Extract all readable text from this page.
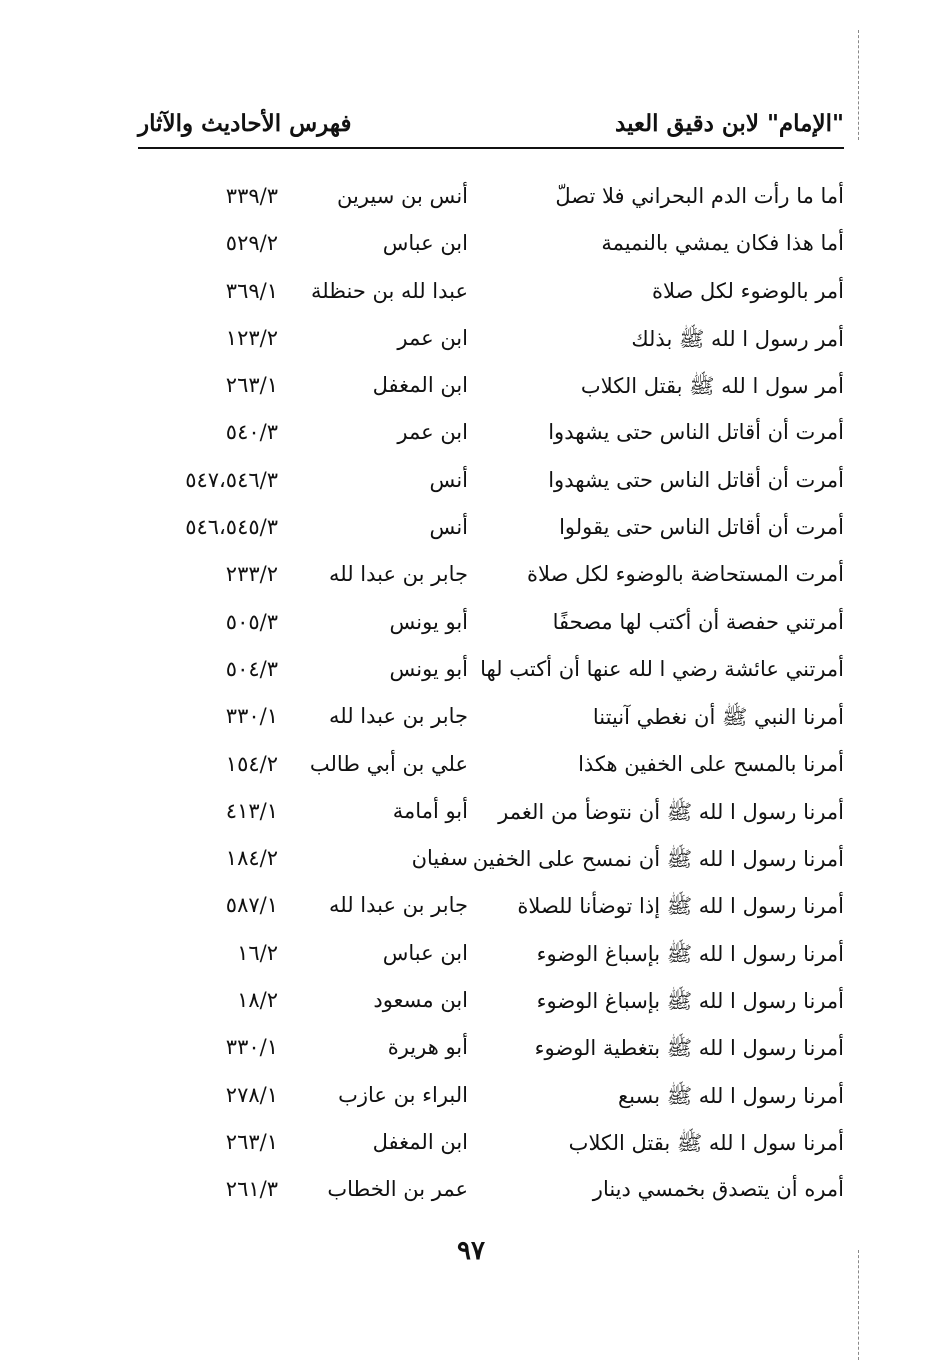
"الإمام" لابن دقيق العيد
فهرس الأحاديث والآثار
أما ما رأت الدم البحراني فلا تصلّ
أنس بن سيرين
٣٣٩/٣
أما هذا فكان يمشي بالنميمة
ابن عباس
٥٢٩/٢
أمر بالوضوء لكل صلاة
عبدا لله بن حنظلة
٣٦٩/١
أمر رسول ا لله ﷺ بذلك
ابن عمر
١٢٣/٢
أمر سول ا لله ﷺ بقتل الكلاب
ابن المغفل
٢٦٣/١
أمرت أن أقاتل الناس حتى يشهدوا
ابن عمر
٥٤٠/٣
أمرت أن أقاتل الناس حتى يشهدوا
أنس
٥٤٧،٥٤٦/٣
أمرت أن أقاتل الناس حتى يقولوا
أنس
٥٤٦،٥٤٥/٣
أمرت المستحاضة بالوضوء لكل صلاة
جابر بن عبدا لله
٢٣٣/٢
أمرتني حفصة أن أكتب لها مصحفًا
أبو يونس
٥٠٥/٣
أمرتني عائشة رضي ا لله عنها أن أكتب لها
أبو يونس
٥٠٤/٣
أمرنا النبي ﷺ أن نغطي آنيتنا
جابر بن عبدا لله
٣٣٠/١
أمرنا بالمسح على الخفين هكذا
علي بن أبي طالب
١٥٤/٢
أمرنا رسول ا لله ﷺ أن نتوضأ من الغمر
أبو أمامة
٤١٣/١
أمرنا رسول ا لله ﷺ أن نمسح على الخفين
سفيان
١٨٤/٢
أمرنا رسول ا لله ﷺ إذا توضأنا للصلاة
جابر بن عبدا لله
٥٨٧/١
أمرنا رسول ا لله ﷺ بإسباغ الوضوء
ابن عباس
١٦/٢
أمرنا رسول ا لله ﷺ بإسباغ الوضوء
ابن مسعود
١٨/٢
أمرنا رسول ا لله ﷺ بتغطية الوضوء
أبو هريرة
٣٣٠/١
أمرنا رسول ا لله ﷺ بسبع
البراء بن عازب
٢٧٨/١
أمرنا سول ا لله ﷺ بقتل الكلاب
ابن المغفل
٢٦٣/١
أمره أن يتصدق بخمسي دينار
عمر بن الخطاب
٢٦١/٣
٩٧
